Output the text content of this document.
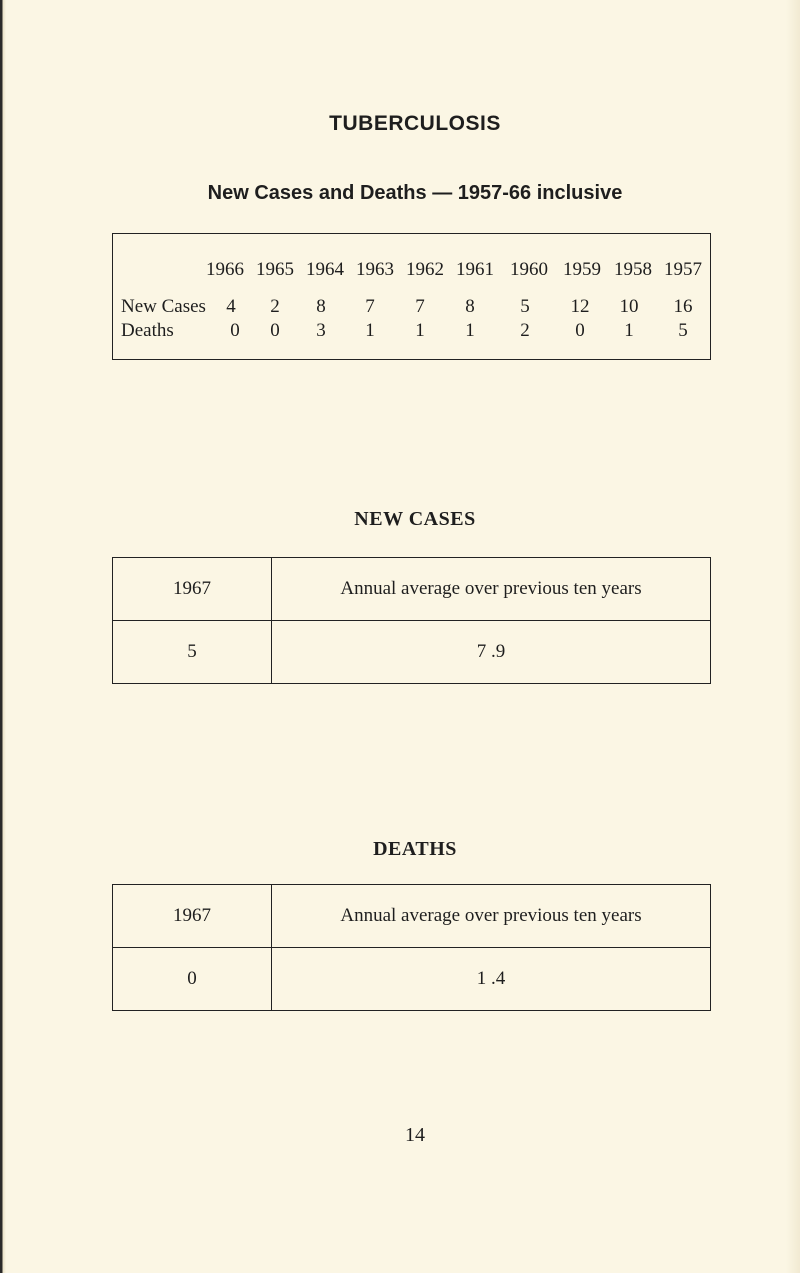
TUBERCULOSIS
New Cases and Deaths — 1957-66 inclusive
1966 1965 1964 1963 1962 1961 1960 1959 1958 1957
New Cases	4	2	8	7	7	8	5	12	10	16
Deaths	0	0	3	1	1	1	2	0	1	5
NEW CASES
1967	Annual average over previous ten years
5	7 .9
DEATHS
1967	Annual average over previous ten years
0	1 .4
14
